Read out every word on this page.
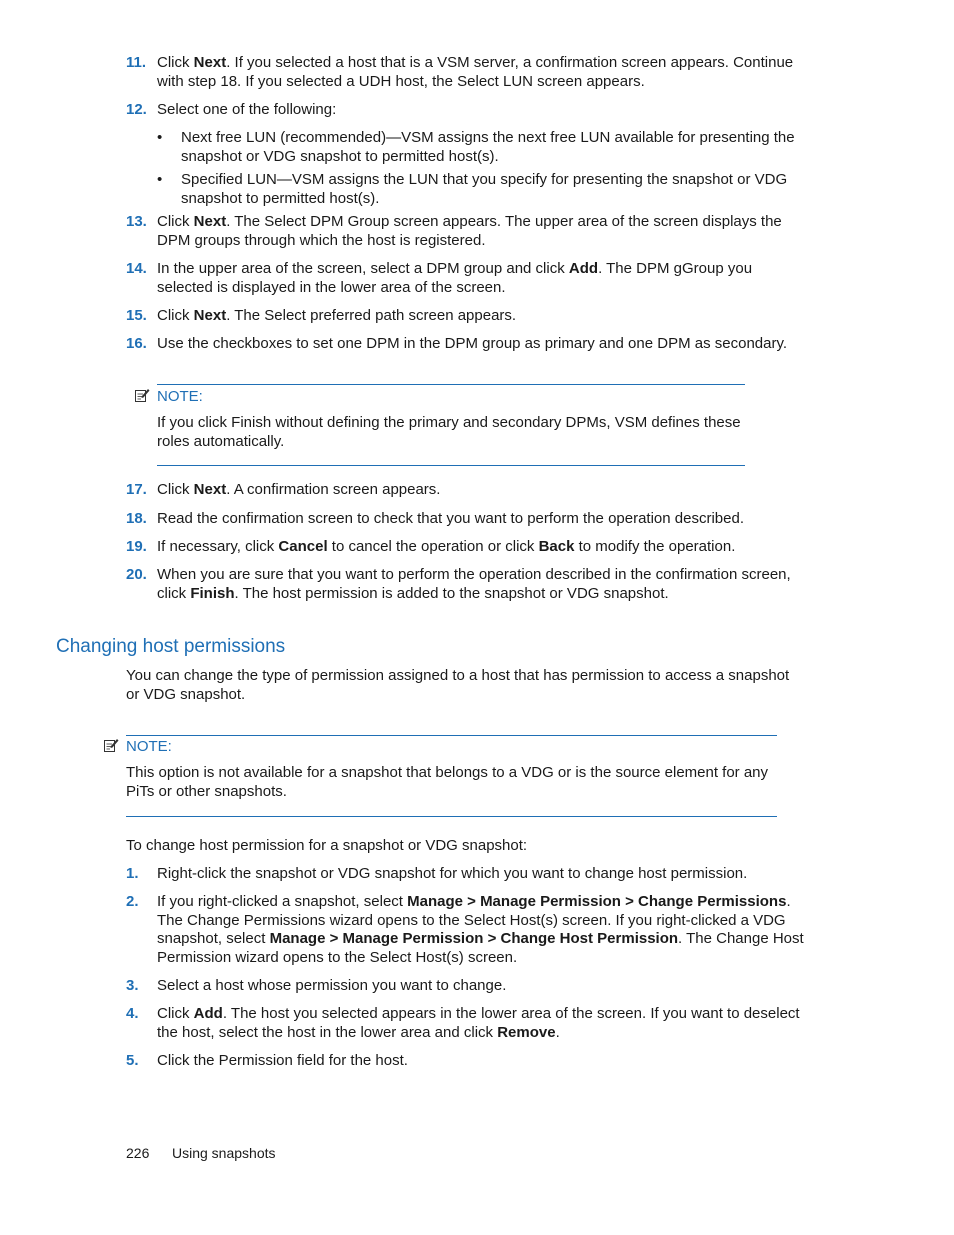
11. Click Next. If you selected a host that is a VSM server, a confirmation screen appears. Continue with step 18. If you selected a UDH host, the Select LUN screen appears.
12. Select one of the following:
• Next free LUN (recommended)—VSM assigns the next free LUN available for presenting the snapshot or VDG snapshot to permitted host(s).
• Specified LUN—VSM assigns the LUN that you specify for presenting the snapshot or VDG snapshot to permitted host(s).
13. Click Next. The Select DPM Group screen appears. The upper area of the screen displays the DPM groups through which the host is registered.
14. In the upper area of the screen, select a DPM group and click Add. The DPM gGroup you selected is displayed in the lower area of the screen.
15. Click Next. The Select preferred path screen appears.
16. Use the checkboxes to set one DPM in the DPM group as primary and one DPM as secondary.
NOTE:
If you click Finish without defining the primary and secondary DPMs, VSM defines these roles automatically.
17. Click Next. A confirmation screen appears.
18. Read the confirmation screen to check that you want to perform the operation described.
19. If necessary, click Cancel to cancel the operation or click Back to modify the operation.
20. When you are sure that you want to perform the operation described in the confirmation screen, click Finish. The host permission is added to the snapshot or VDG snapshot.
Changing host permissions
You can change the type of permission assigned to a host that has permission to access a snapshot or VDG snapshot.
NOTE:
This option is not available for a snapshot that belongs to a VDG or is the source element for any PiTs or other snapshots.
To change host permission for a snapshot or VDG snapshot:
1. Right-click the snapshot or VDG snapshot for which you want to change host permission.
2. If you right-clicked a snapshot, select Manage > Manage Permission > Change Permissions. The Change Permissions wizard opens to the Select Host(s) screen. If you right-clicked a VDG snapshot, select Manage > Manage Permission > Change Host Permission. The Change Host Permission wizard opens to the Select Host(s) screen.
3. Select a host whose permission you want to change.
4. Click Add. The host you selected appears in the lower area of the screen. If you want to deselect the host, select the host in the lower area and click Remove.
5. Click the Permission field for the host.
226 Using snapshots
